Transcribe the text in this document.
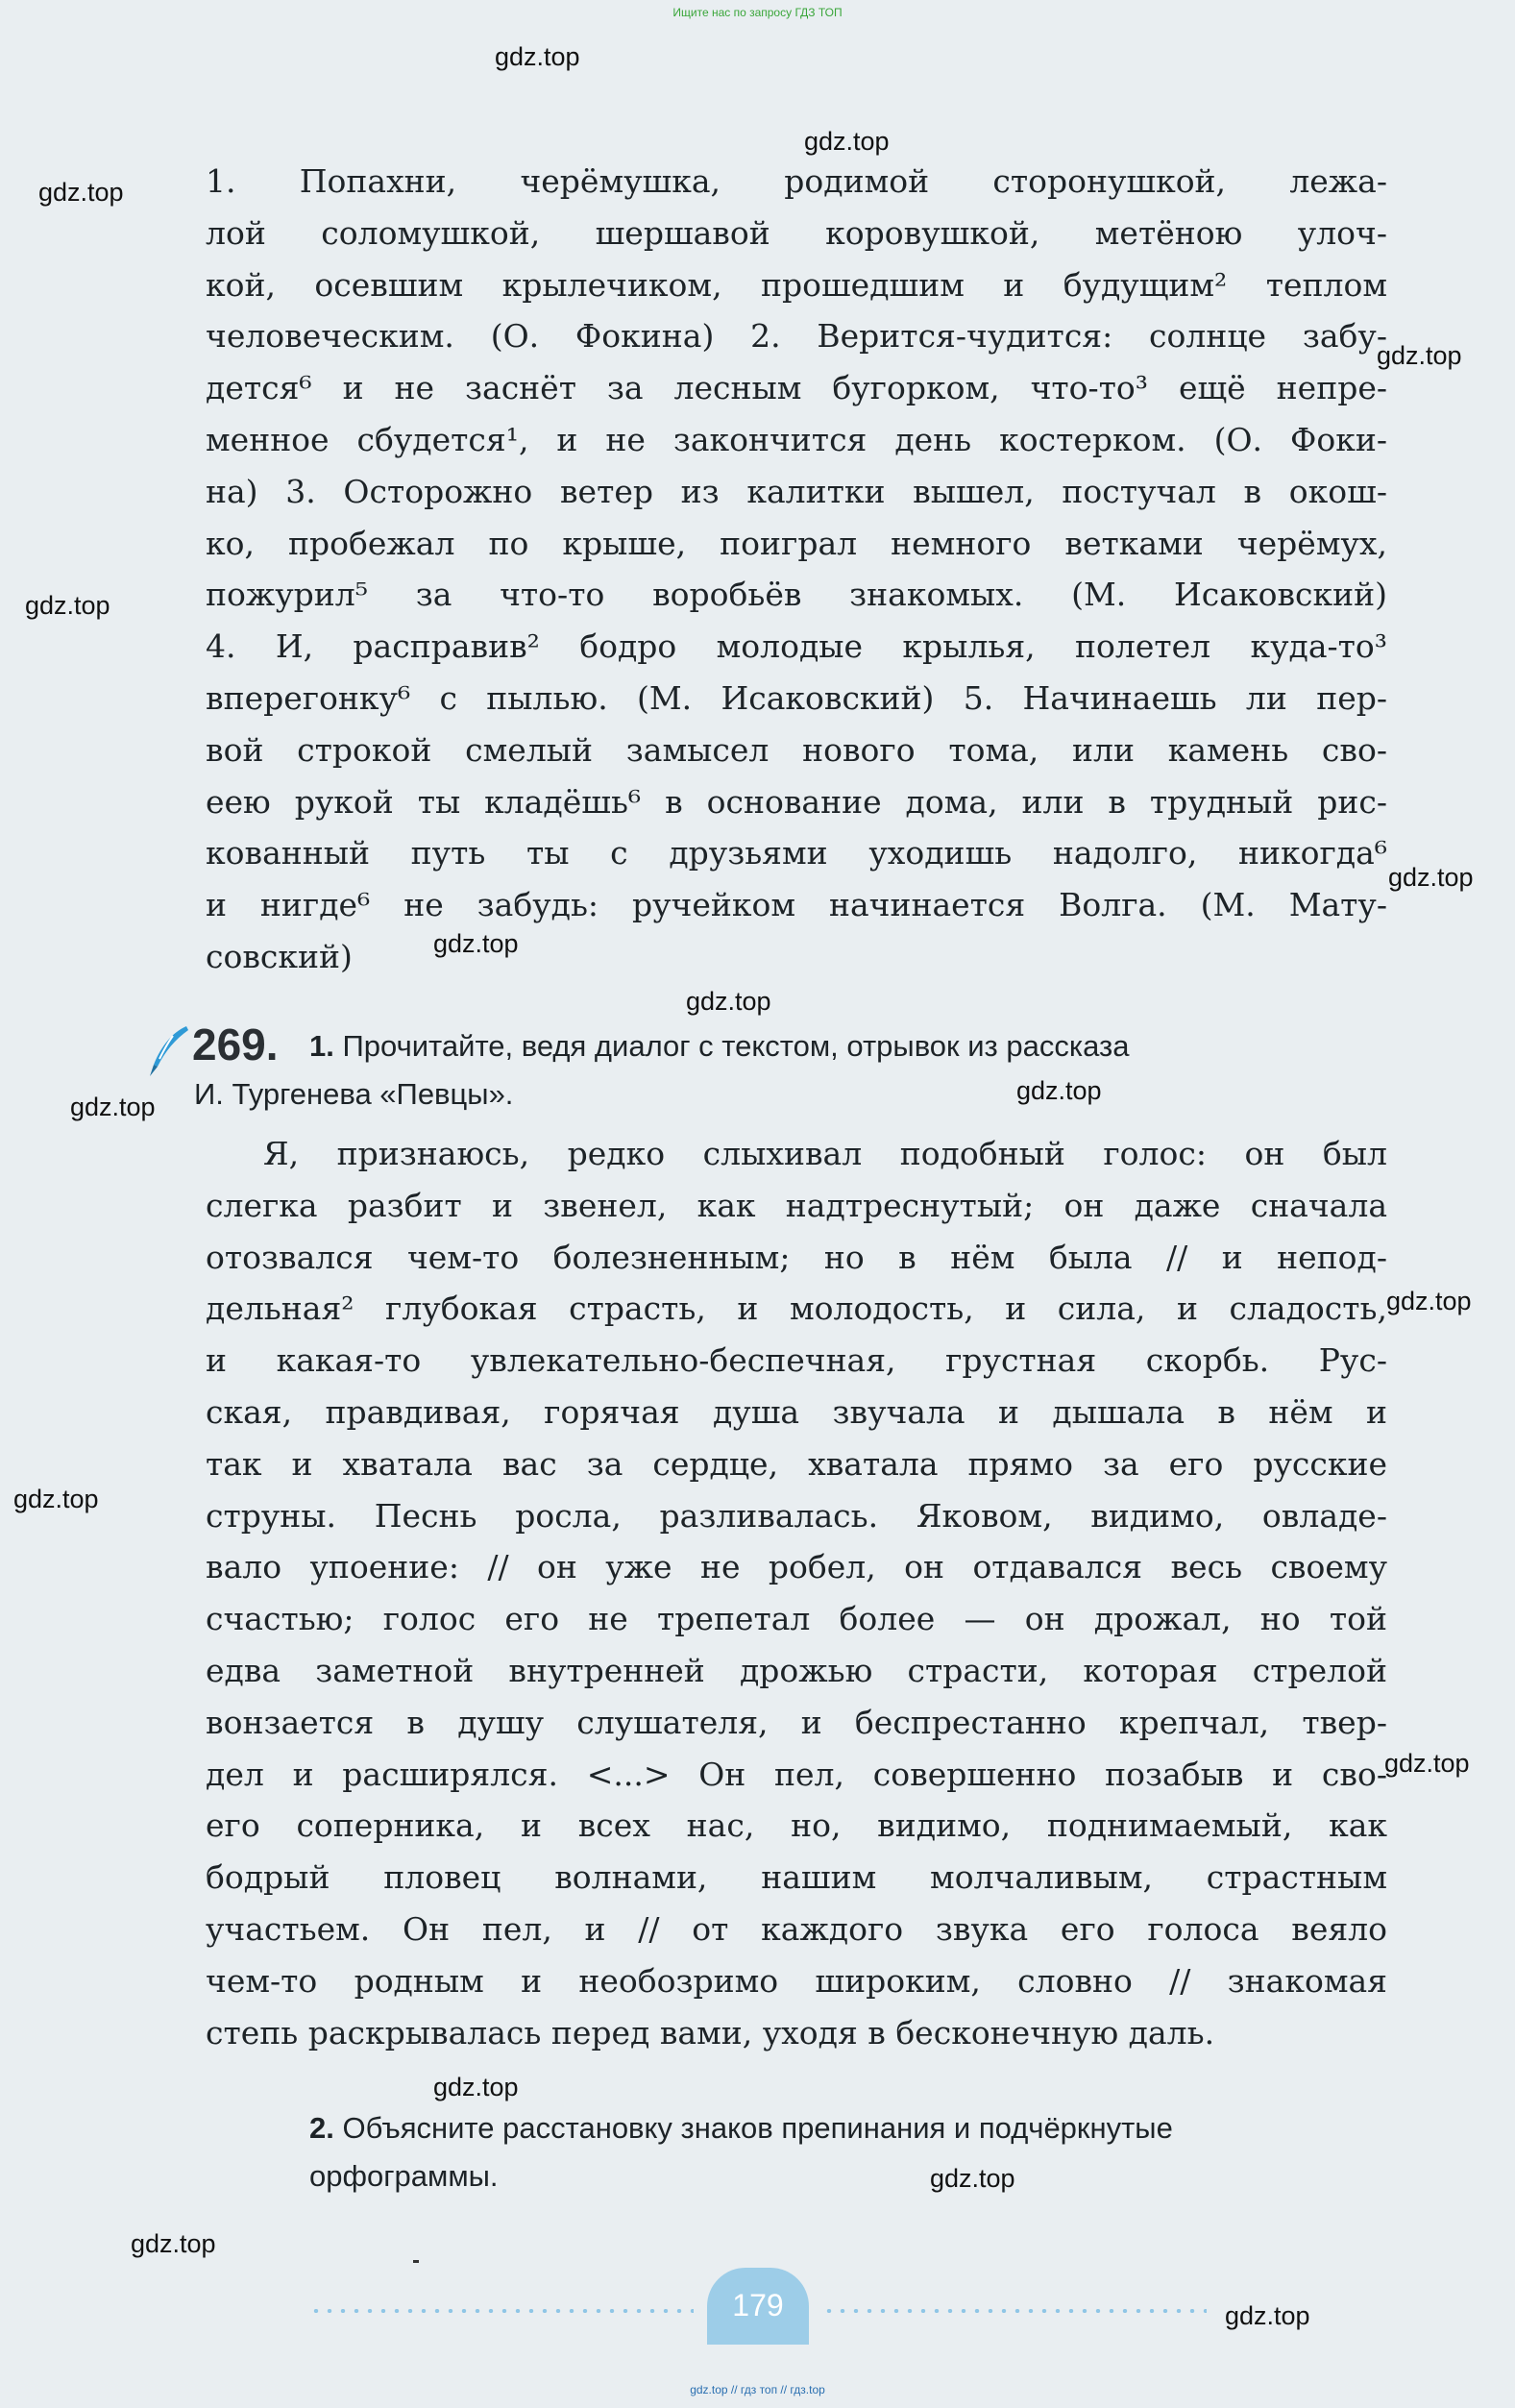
Ищите нас по запросу ГДЗ ТОП
gdz.top
gdz.top
gdz.top
gdz.top
gdz.top
gdz.top
gdz.top
gdz.top
gdz.top
gdz.top
gdz.top
gdz.top
gdz.top
gdz.top
gdz.top
gdz.top
gdz.top
1. Попахни, черёмушка, родимой сторонушкой, лежа-
лой соломушкой, шершавой коровушкой, метёною улоч-
кой, осевшим крылечиком, прошедшим и будущим² теплом
человеческим. (О. Фокина) 2. Верится-чудится: солнце забу-
дется⁶ и не заснёт за лесным бугорком, что-то³ ещё непре-
менное сбудется¹, и не закончится день костерком. (О. Фоки-
на) 3. Осторожно ветер из калитки вышел, постучал в окош-
ко, пробежал по крыше, поиграл немного ветками черёмух,
пожурил⁵ за что-то воробьёв знакомых. (М. Исаковский)
4. И, расправив² бодро молодые крылья, полетел куда-то³
вперегонку⁶ с пылью. (М. Исаковский) 5. Начинаешь ли пер-
вой строкой смелый замысел нового тома, или камень сво-
еею рукой ты кладёшь⁶ в основание дома, или в трудный рис-
кованный путь ты с друзьями уходишь надолго, никогда⁶
и нигде⁶ не забудь: ручейком начинается Волга. (М. Мату-
совский)
269. 1. Прочитайте, ведя диалог с текстом, отрывок из рассказа
И. Тургенева «Певцы».
Я, признаюсь, редко слыхивал подобный голос: он был
слегка разбит и звенел, как надтреснутый; он даже сначала
отозвался чем-то болезненным; но в нём была // и непод-
дельная² глубокая страсть, и молодость, и сила, и сладость,
и какая-то увлекательно-беспечная, грустная скорбь. Рус-
ская, правдивая, горячая душа звучала и дышала в нём и
так и хватала вас за сердце, хватала прямо за его русские
струны. Песнь росла, разливалась. Яковом, видимо, овладе-
вало упоение: // он уже не робел, он отдавался весь своему
счастью; голос его не трепетал более — он дрожал, но той
едва заметной внутренней дрожью страсти, которая стрелой
вонзается в душу слушателя, и беспрестанно крепчал, твер-
дел и расширялся. <...> Он пел, совершенно позабыв и сво-
его соперника, и всех нас, но, видимо, поднимаемый, как
бодрый пловец волнами, нашим молчаливым, страстным
участьем. Он пел, и // от каждого звука его голоса веяло
чем-то родным и необозримо широким, словно // знакомая
степь раскрывалась перед вами, уходя в бесконечную даль.
2. Объясните расстановку знаков препинания и подчёркнутые
орфограммы.
179
gdz.top // гдз топ // гдз.top
